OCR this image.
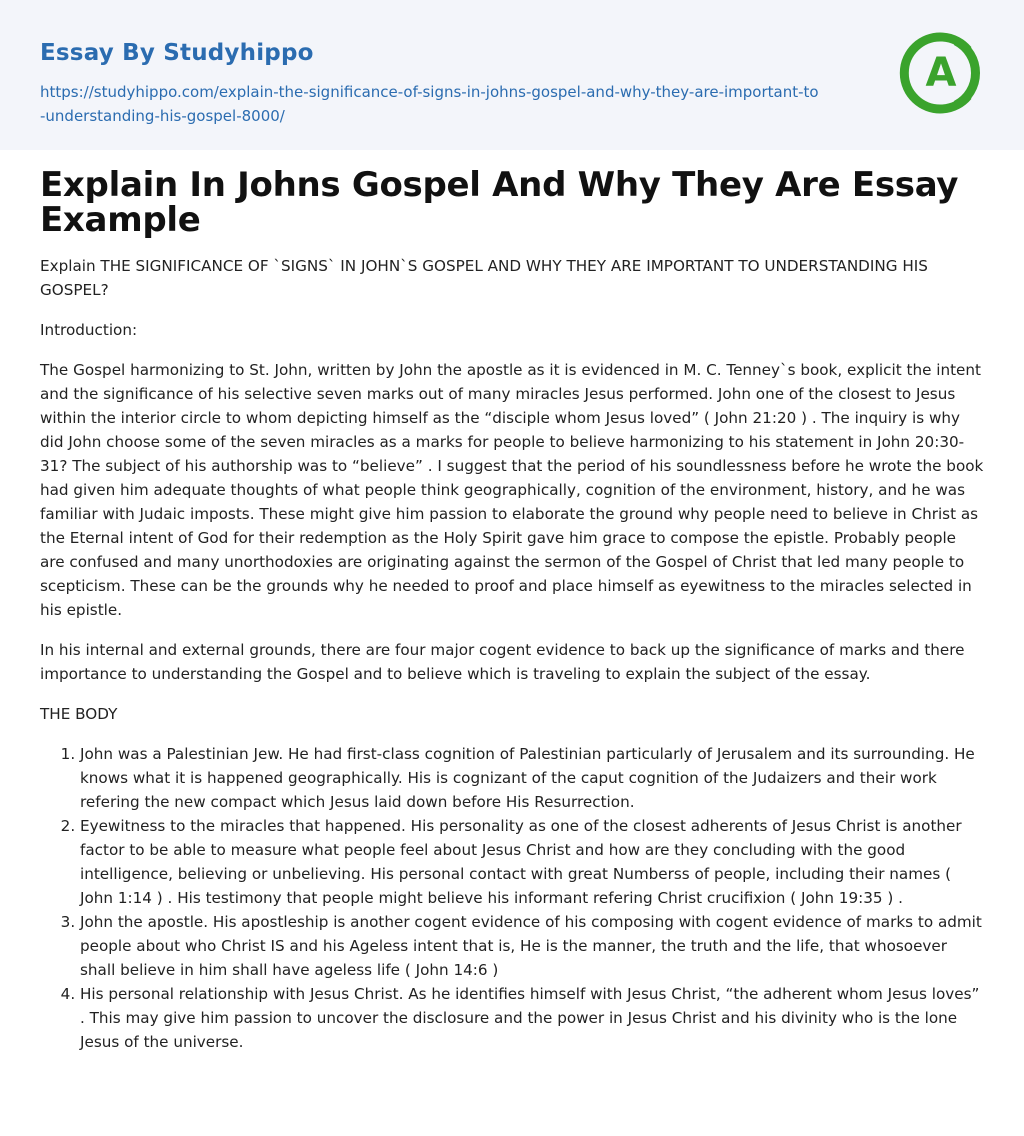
Essay By Studyhippo
https://studyhippo.com/explain-the-significance-of-signs-in-johns-gospel-and-why-they-are-important-to-understanding-his-gospel-8000/
A
Explain In Johns Gospel And Why They Are Essay Example

Explain THE SIGNIFICANCE OF `SIGNS` IN JOHN`S GOSPEL AND WHY THEY ARE IMPORTANT TO UNDERSTANDING HIS GOSPEL?

Introduction:

The Gospel harmonizing to St. John, written by John the apostle as it is evidenced in M. C. Tenney`s book, explicit the intent and the significance of his selective seven marks out of many miracles Jesus performed. John one of the closest to Jesus within the interior circle to whom depicting himself as the “disciple whom Jesus loved” ( John 21:20 ) . The inquiry is why did John choose some of the seven miracles as a marks for people to believe harmonizing to his statement in John 20:30-31? The subject of his authorship was to “believe” . I suggest that the period of his soundlessness before he wrote the book had given him adequate thoughts of what people think geographically, cognition of the environment, history, and he was familiar with Judaic imposts. These might give him passion to elaborate the ground why people need to believe in Christ as the Eternal intent of God for their redemption as the Holy Spirit gave him grace to compose the epistle. Probably people are confused and many unorthodoxies are originating against the sermon of the Gospel of Christ that led many people to scepticism. These can be the grounds why he needed to proof and place himself as eyewitness to the miracles selected in his epistle.

In his internal and external grounds, there are four major cogent evidence to back up the significance of marks and there importance to understanding the Gospel and to believe which is traveling to explain the subject of the essay.

THE BODY

1. John was a Palestinian Jew. He had first-class cognition of Palestinian particularly of Jerusalem and its surrounding. He knows what it is happened geographically. His is cognizant of the caput cognition of the Judaizers and their work refering the new compact which Jesus laid down before His Resurrection.
2. Eyewitness to the miracles that happened. His personality as one of the closest adherents of Jesus Christ is another factor to be able to measure what people feel about Jesus Christ and how are they concluding with the good intelligence, believing or unbelieving. His personal contact with great Numberss of people, including their names ( John 1:14 ) . His testimony that people might believe his informant refering Christ crucifixion ( John 19:35 ) .
3. John the apostle. His apostleship is another cogent evidence of his composing with cogent evidence of marks to admit people about who Christ IS and his Ageless intent that is, He is the manner, the truth and the life, that whosoever shall believe in him shall have ageless life ( John 14:6 )
4. His personal relationship with Jesus Christ. As he identifies himself with Jesus Christ, “the adherent whom Jesus loves” . This may give him passion to uncover the disclosure and the power in Jesus Christ and his divinity who is the lone Jesus of the universe.
